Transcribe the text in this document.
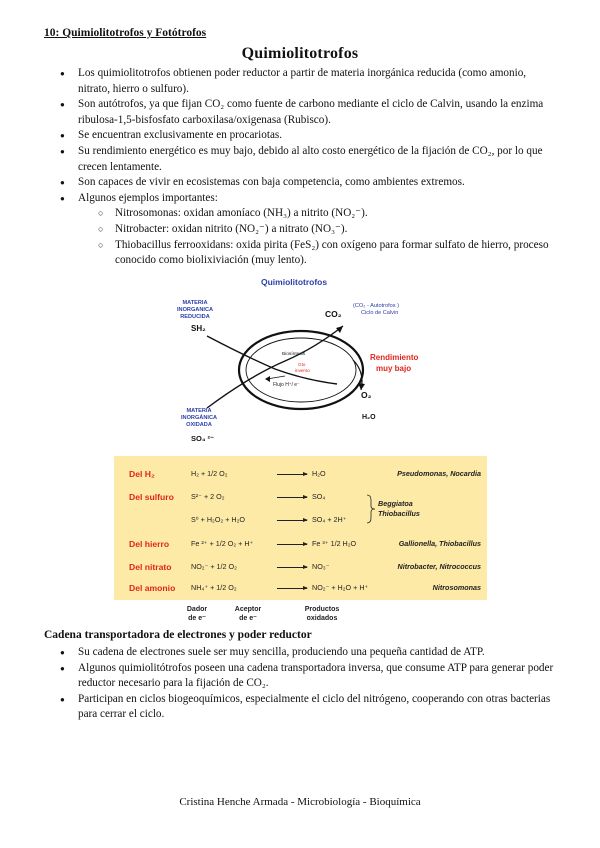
10: Quimiolitotrofos y Fotótrofos
Quimiolitotrofos
● Los quimiolitotrofos obtienen poder reductor a partir de materia inorgánica reducida (como amonio, nitrato, hierro o sulfuro).
● Son autótrofos, ya que fijan CO₂ como fuente de carbono mediante el ciclo de Calvin, usando la enzima ribulosa-1,5-bisfosfato carboxilasa/oxigenasa (Rubisco).
● Se encuentran exclusivamente en procariotas.
● Su rendimiento energético es muy bajo, debido al alto costo energético de la fijación de CO₂, por lo que crecen lentamente.
● Son capaces de vivir en ecosistemas con baja competencia, como ambientes extremos.
● Algunos ejemplos importantes:
○ Nitrosomonas: oxidan amoníaco (NH₃) a nitrito (NO₂⁻).
○ Nitrobacter: oxidan nitrito (NO₂⁻) a nitrato (NO₃⁻).
○ Thiobacillus ferrooxidans: oxida pirita (FeS₂) con oxígeno para formar sulfato de hierro, proceso conocido como biolixiviación (muy lento).
Quimiolitotrofos
MATERIA
INORGANICA
REDUCIDA
SH₂
CO₂
(CO₂ - Autotrofos )
Ciclo de Calvin
Biosíntesis
Gto
inverso
Flujo H⁺/ e⁻
Rendimiento
muy bajo
O₂
H₂O
MATERIA
INORGÁNICA
OXIDADA
SO₄ ²⁻
Del H₂	H₂ + 1/2 O₂	H₂O	Pseudomonas, Nocardia
Del sulfuro S²⁻ + 2 O₂	SO₄
S⁰ + H₂O₂ + H₂O	SO₄ + 2H⁺
Beggiatoa
Thiobacillus
Del hierro	Fe ²⁺ + 1/2 O₂ + H⁺	Fe ³⁺ 1/2 H₂O	Gallionella, Thiobacillus
Del nitrato	NO₂⁻ + 1/2 O₂	NO₃⁻	Nitrobacter, Nitrococcus
Del amonio NH₄⁺ + 1/2 O₂	NO₂⁻ + H₂O + H⁺	Nitrosomonas
Dador
de e⁻
Aceptor
de e⁻
Productos
oxidados
Cadena transportadora de electrones y poder reductor
● Su cadena de electrones suele ser muy sencilla, produciendo una pequeña cantidad de ATP.
● Algunos quimiolitótrofos poseen una cadena transportadora inversa, que consume ATP para generar poder reductor necesario para la fijación de CO₂.
● Participan en ciclos biogeoquímicos, especialmente el ciclo del nitrógeno, cooperando con otras bacterias para cerrar el ciclo.
Cristina Henche Armada - Microbiología - Bioquímica
